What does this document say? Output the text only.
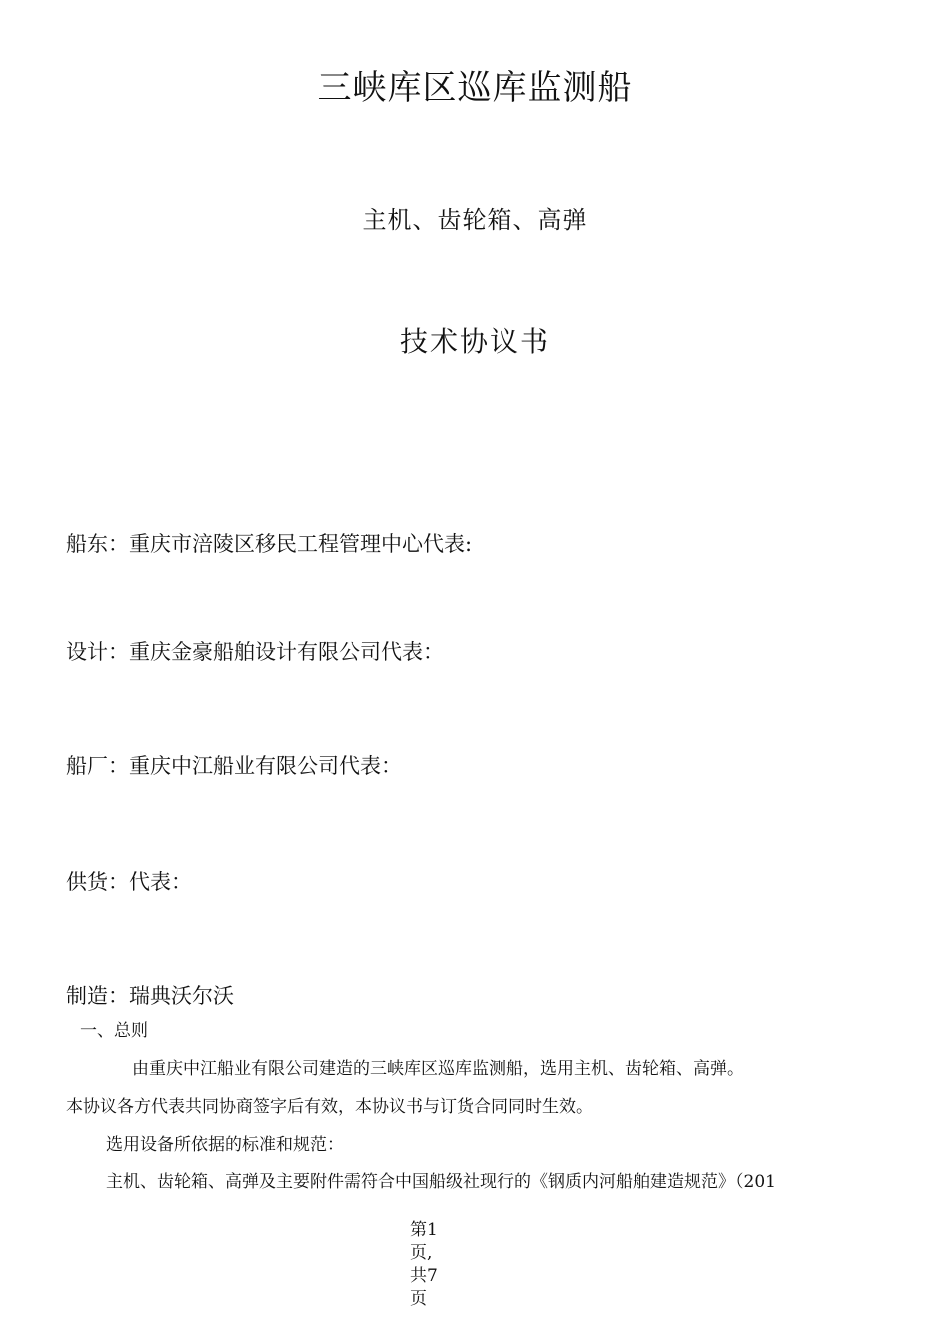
三峡库区巡库监测船
主机、齿轮箱、高弹
技术协议书
船东：重庆市涪陵区移民工程管理中心代表:
设计：重庆金豪船舶设计有限公司代表：
船厂：重庆中江船业有限公司代表：
供货：代表：
制造：瑞典沃尔沃
一、总则
由重庆中江船业有限公司建造的三峡库区巡库监测船，选用主机、齿轮箱、高弹。
本协议各方代表共同协商签字后有效，本协议书与订货合同同时生效。
选用设备所依据的标准和规范：
主机、齿轮箱、高弹及主要附件需符合中国船级社现行的《钢质内河船舶建造规范》（201
第1
页,
共7
页
